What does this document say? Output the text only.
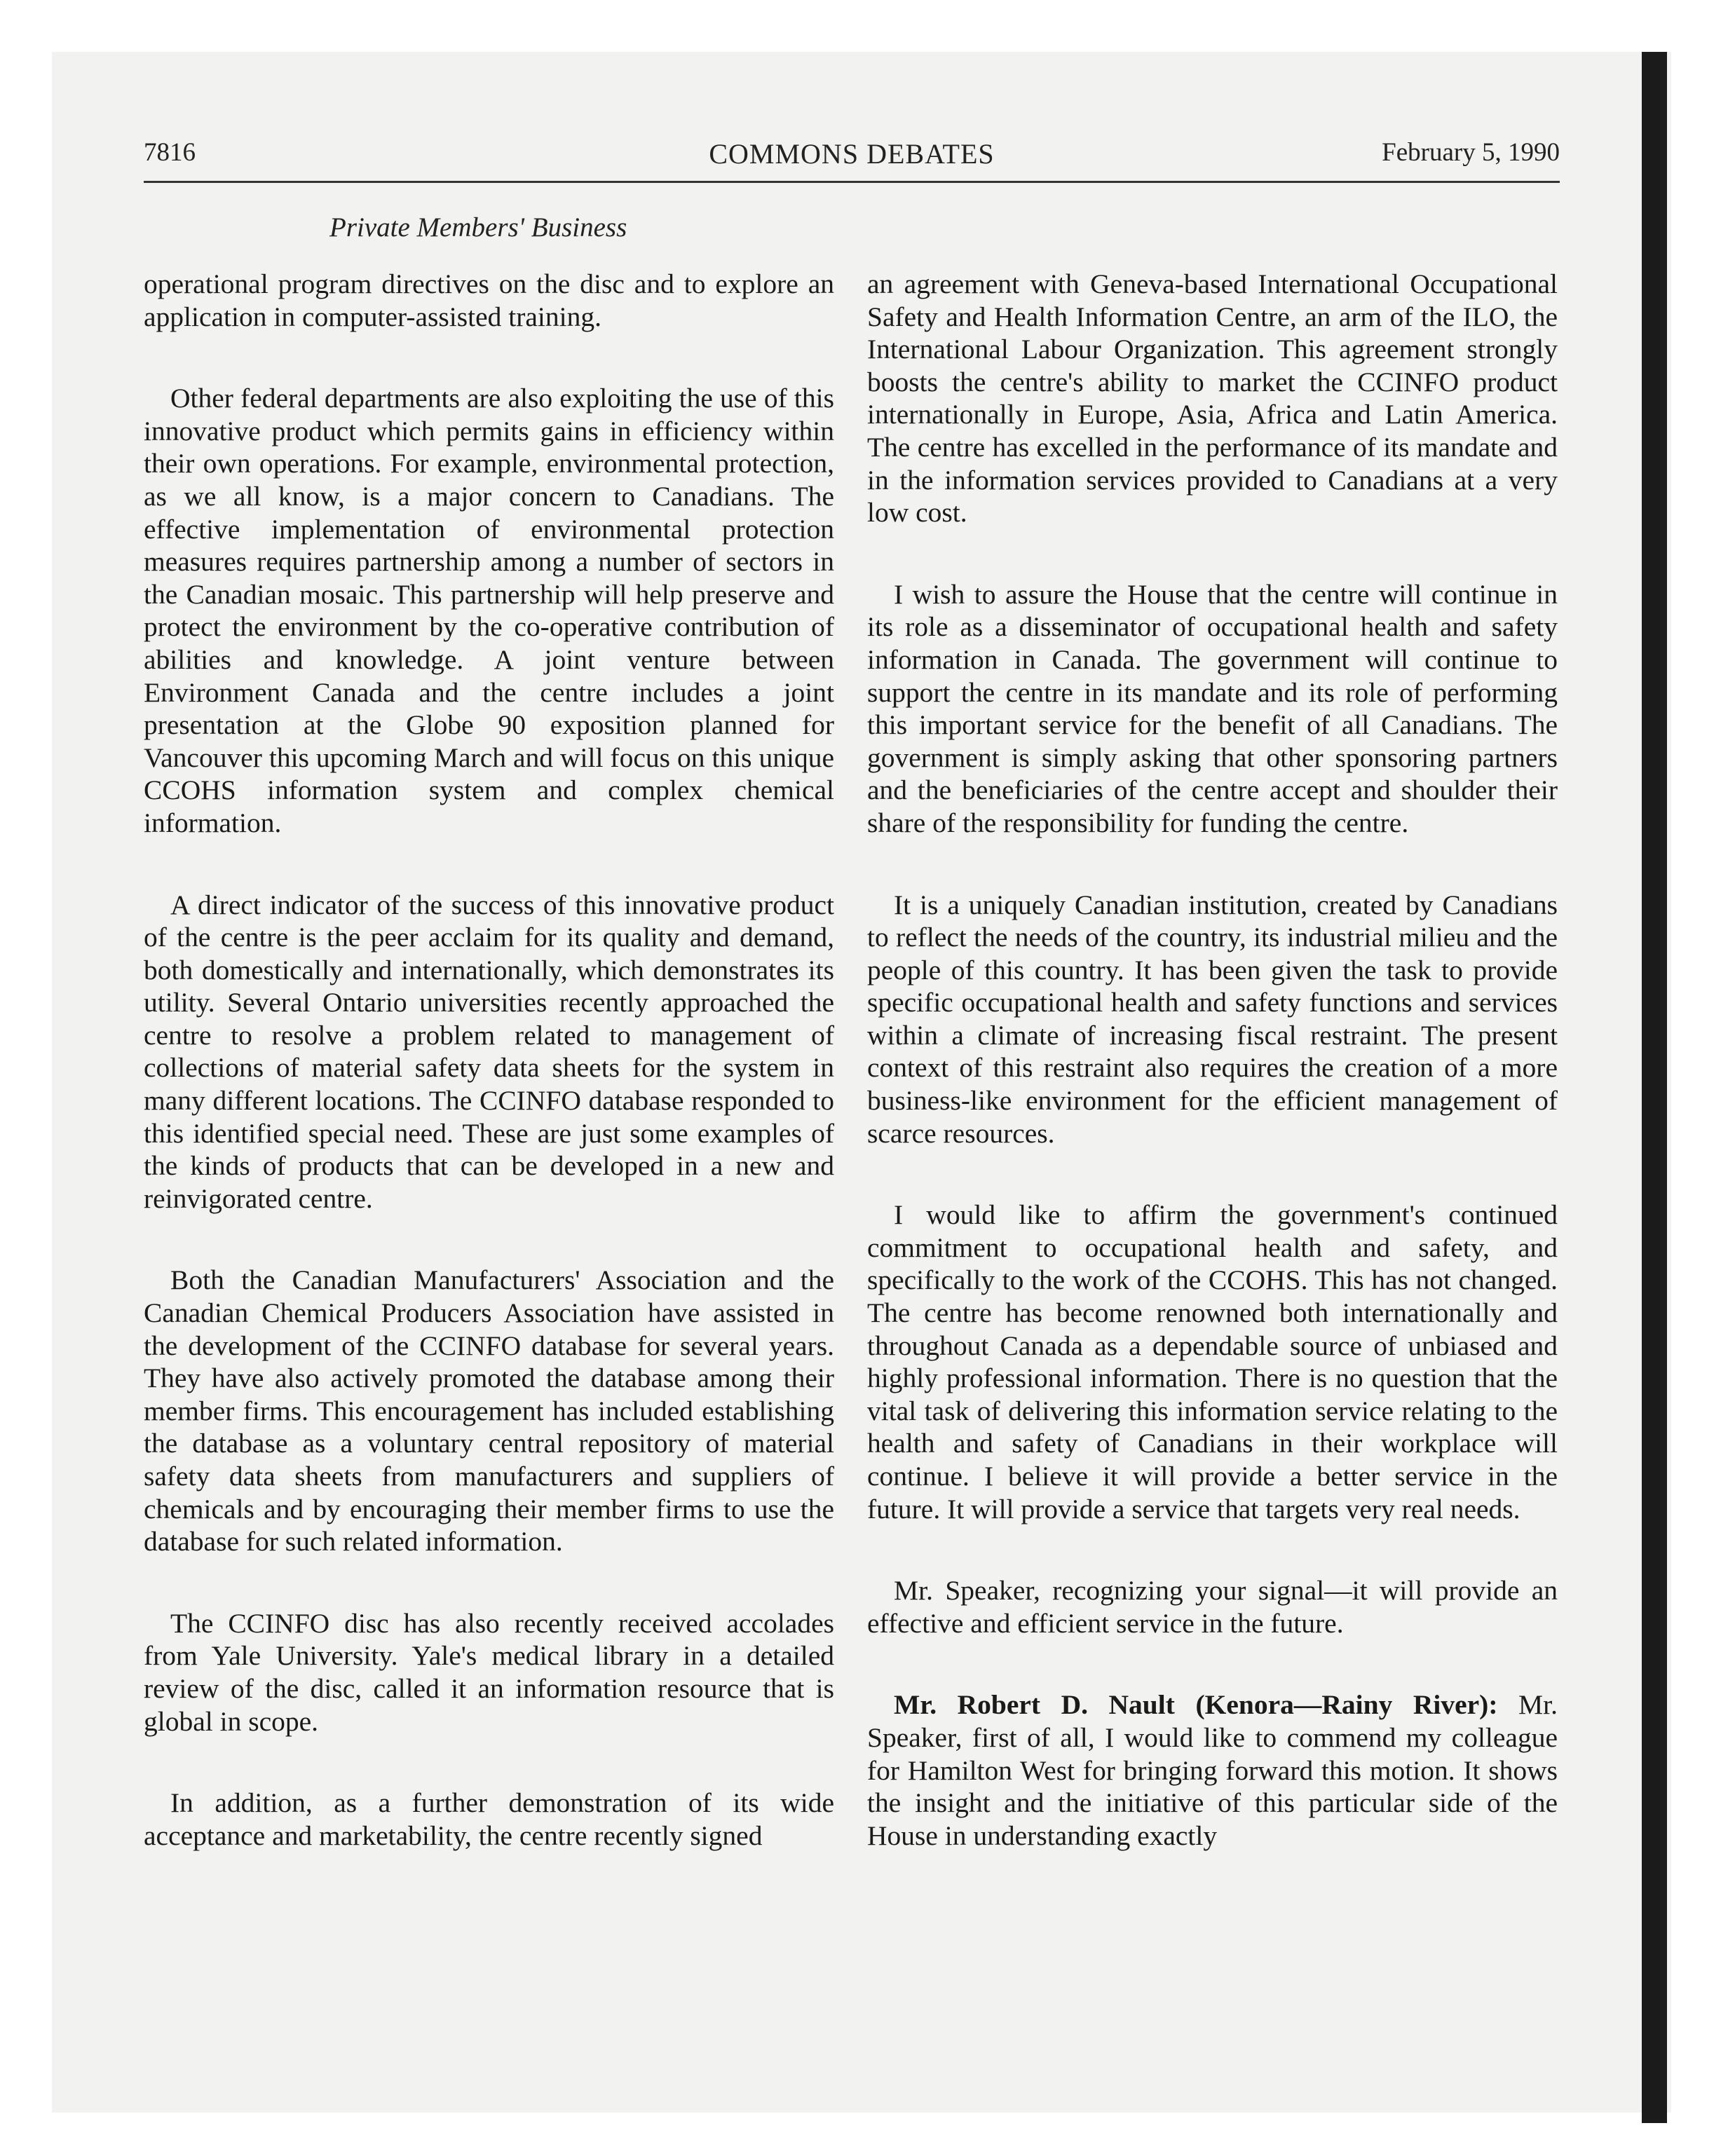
7816	COMMONS DEBATES	February 5, 1990
Private Members' Business

operational program directives on the disc and to explore an application in computer-assisted training.

Other federal departments are also exploiting the use of this innovative product which permits gains in efficiency within their own operations. For example, environmental protection, as we all know, is a major concern to Canadians. The effective implementation of environmental protection measures requires partnership among a number of sectors in the Canadian mosaic. This partnership will help preserve and protect the environment by the co-operative contribution of abilities and knowledge. A joint venture between Environment Canada and the centre includes a joint presentation at the Globe 90 exposition planned for Vancouver this upcoming March and will focus on this unique CCOHS information system and complex chemical information.

A direct indicator of the success of this innovative product of the centre is the peer acclaim for its quality and demand, both domestically and internationally, which demonstrates its utility. Several Ontario universities recently approached the centre to resolve a problem related to management of collections of material safety data sheets for the system in many different locations. The CCINFO database responded to this identified special need. These are just some examples of the kinds of products that can be developed in a new and reinvigorated centre.

Both the Canadian Manufacturers' Association and the Canadian Chemical Producers Association have assisted in the development of the CCINFO database for several years. They have also actively promoted the database among their member firms. This encouragement has included establishing the database as a voluntary central repository of material safety data sheets from manufacturers and suppliers of chemicals and by encouraging their member firms to use the database for such related information.

The CCINFO disc has also recently received accolades from Yale University. Yale's medical library in a detailed review of the disc, called it an information resource that is global in scope.

In addition, as a further demonstration of its wide acceptance and marketability, the centre recently signed

an agreement with Geneva-based International Occupational Safety and Health Information Centre, an arm of the ILO, the International Labour Organization. This agreement strongly boosts the centre's ability to market the CCINFO product internationally in Europe, Asia, Africa and Latin America. The centre has excelled in the performance of its mandate and in the information services provided to Canadians at a very low cost.

I wish to assure the House that the centre will continue in its role as a disseminator of occupational health and safety information in Canada. The government will continue to support the centre in its mandate and its role of performing this important service for the benefit of all Canadians. The government is simply asking that other sponsoring partners and the beneficiaries of the centre accept and shoulder their share of the responsibility for funding the centre.

It is a uniquely Canadian institution, created by Canadians to reflect the needs of the country, its industrial milieu and the people of this country. It has been given the task to provide specific occupational health and safety functions and services within a climate of increasing fiscal restraint. The present context of this restraint also requires the creation of a more business-like environment for the efficient management of scarce resources.

I would like to affirm the government's continued commitment to occupational health and safety, and specifically to the work of the CCOHS. This has not changed. The centre has become renowned both internationally and throughout Canada as a dependable source of unbiased and highly professional information. There is no question that the vital task of delivering this information service relating to the health and safety of Canadians in their workplace will continue. I believe it will provide a better service in the future. It will provide a service that targets very real needs.

Mr. Speaker, recognizing your signal—it will provide an effective and efficient service in the future.

Mr. Robert D. Nault (Kenora—Rainy River): Mr. Speaker, first of all, I would like to commend my colleague for Hamilton West for bringing forward this motion. It shows the insight and the initiative of this particular side of the House in understanding exactly
